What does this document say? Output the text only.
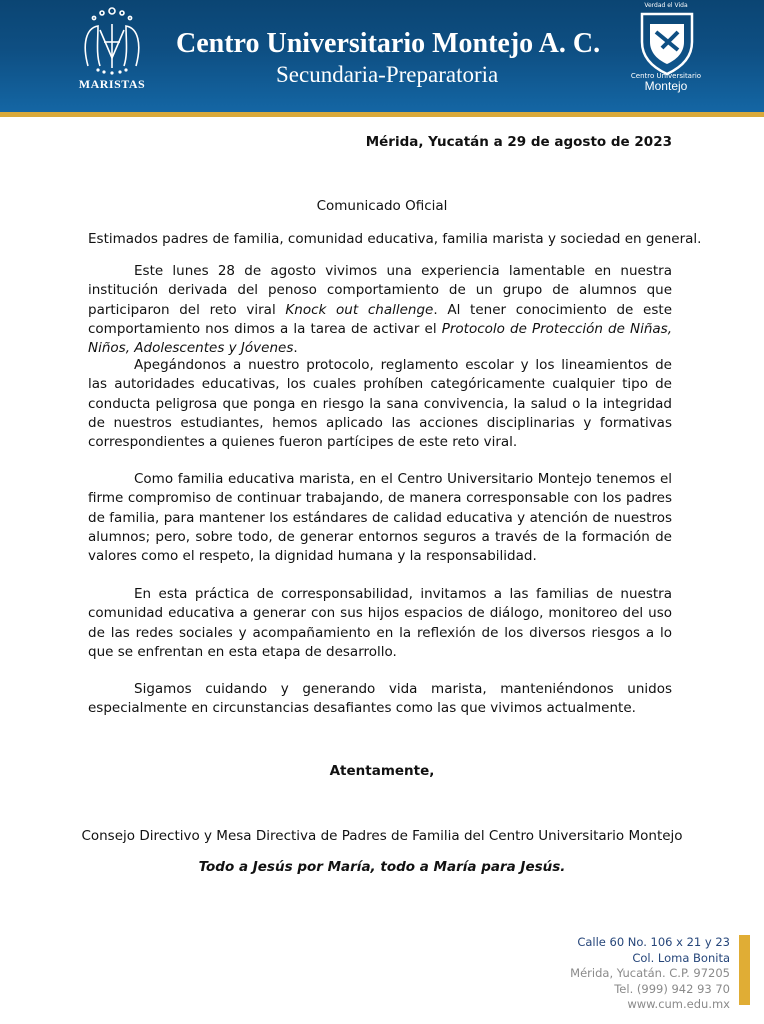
MARISTAS
Centro Universitario Montejo A. C.
Secundaria-Preparatoria
Verdad el Vida
Centro Universitario
Montejo
Mérida, Yucatán a 29 de agosto de 2023
Comunicado Oficial
Estimados padres de familia, comunidad educativa, familia marista y sociedad en general.
Este lunes 28 de agosto vivimos una experiencia lamentable en nuestra institución derivada del penoso comportamiento de un grupo de alumnos que participaron del reto viral Knock out challenge. Al tener conocimiento de este comportamiento nos dimos a la tarea de activar el Protocolo de Protección de Niñas, Niños, Adolescentes y Jóvenes.
Apegándonos a nuestro protocolo, reglamento escolar y los lineamientos de las autoridades educativas, los cuales prohíben categóricamente cualquier tipo de conducta peligrosa que ponga en riesgo la sana convivencia, la salud o la integridad de nuestros estudiantes, hemos aplicado las acciones disciplinarias y formativas correspondientes a quienes fueron partícipes de este reto viral.
Como familia educativa marista, en el Centro Universitario Montejo tenemos el firme compromiso de continuar trabajando, de manera corresponsable con los padres de familia, para mantener los estándares de calidad educativa y atención de nuestros alumnos; pero, sobre todo, de generar entornos seguros a través de la formación de valores como el respeto, la dignidad humana y la responsabilidad.
En esta práctica de corresponsabilidad, invitamos a las familias de nuestra comunidad educativa a generar con sus hijos espacios de diálogo, monitoreo del uso de las redes sociales y acompañamiento en la reflexión de los diversos riesgos a lo que se enfrentan en esta etapa de desarrollo.
Sigamos cuidando y generando vida marista, manteniéndonos unidos especialmente en circunstancias desafiantes como las que vivimos actualmente.
Atentamente,
Consejo Directivo y Mesa Directiva de Padres de Familia del Centro Universitario Montejo
Todo a Jesús por María, todo a María para Jesús.
Calle 60 No. 106 x 21 y 23
Col. Loma Bonita
Mérida, Yucatán. C.P. 97205
Tel. (999) 942 93 70
www.cum.edu.mx
